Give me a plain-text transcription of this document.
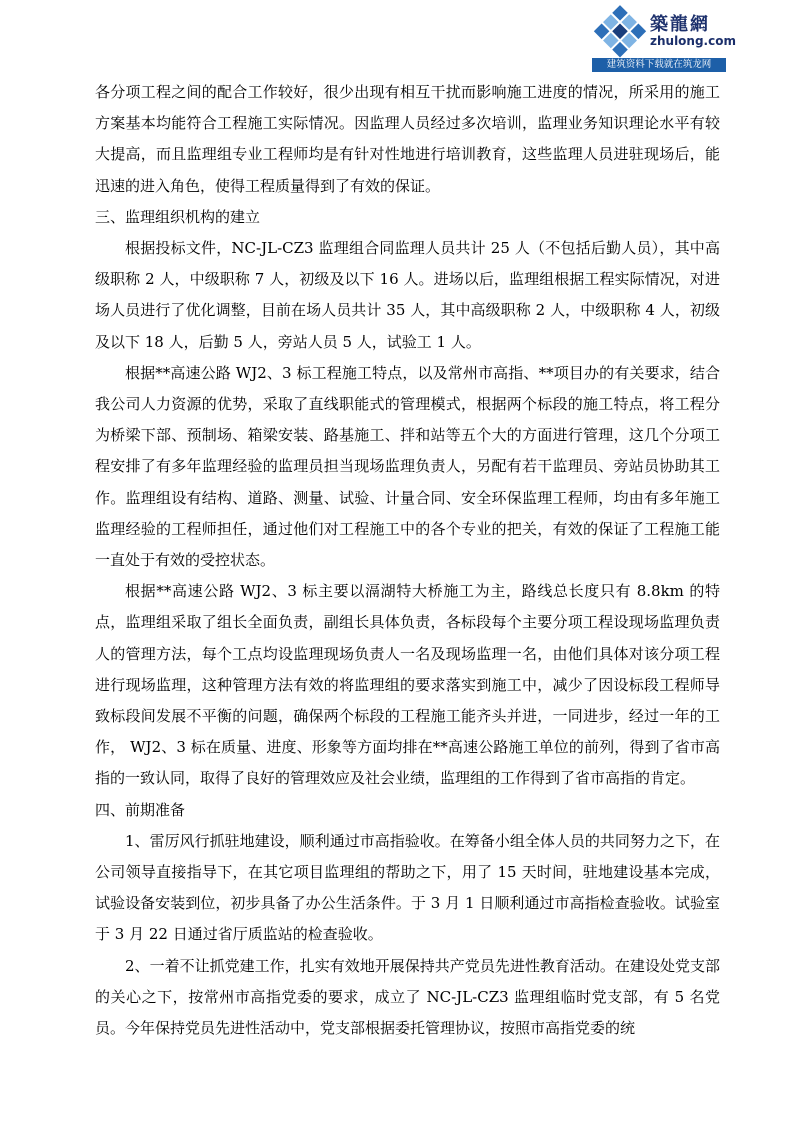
築龍網
zhulong.com
建筑资料下载就在筑龙网

各分项工程之间的配合工作较好，很少出现有相互干扰而影响施工进度的情况，所采用的施工方案基本均能符合工程施工实际情况。因监理人员经过多次培训，监理业务知识理论水平有较大提高，而且监理组专业工程师均是有针对性地进行培训教育，这些监理人员进驻现场后，能迅速的进入角色，使得工程质量得到了有效的保证。

三、监理组织机构的建立

根据投标文件，NC-JL-CZ3 监理组合同监理人员共计 25 人（不包括后勤人员），其中高级职称 2 人，中级职称 7 人，初级及以下 16 人。进场以后，监理组根据工程实际情况，对进场人员进行了优化调整，目前在场人员共计 35 人，其中高级职称 2 人，中级职称 4 人，初级及以下 18 人，后勤 5 人，旁站人员 5 人，试验工 1 人。

根据**高速公路 WJ2、3 标工程施工特点，以及常州市高指、**项目办的有关要求，结合我公司人力资源的优势，采取了直线职能式的管理模式，根据两个标段的施工特点，将工程分为桥梁下部、预制场、箱梁安装、路基施工、拌和站等五个大的方面进行管理，这几个分项工程安排了有多年监理经验的监理员担当现场监理负责人，另配有若干监理员、旁站员协助其工作。监理组设有结构、道路、测量、试验、计量合同、安全环保监理工程师，均由有多年施工监理经验的工程师担任，通过他们对工程施工中的各个专业的把关，有效的保证了工程施工能一直处于有效的受控状态。

根据**高速公路 WJ2、3 标主要以滆湖特大桥施工为主，路线总长度只有 8.8km 的特点，监理组采取了组长全面负责，副组长具体负责，各标段每个主要分项工程设现场监理负责人的管理方法，每个工点均设监理现场负责人一名及现场监理一名，由他们具体对该分项工程进行现场监理，这种管理方法有效的将监理组的要求落实到施工中，减少了因设标段工程师导致标段间发展不平衡的问题，确保两个标段的工程施工能齐头并进，一同进步，经过一年的工作， WJ2、3 标在质量、进度、形象等方面均排在**高速公路施工单位的前列，得到了省市高指的一致认同，取得了良好的管理效应及社会业绩，监理组的工作得到了省市高指的肯定。

四、前期准备

1、雷厉风行抓驻地建设，顺利通过市高指验收。在筹备小组全体人员的共同努力之下，在公司领导直接指导下，在其它项目监理组的帮助之下，用了 15 天时间，驻地建设基本完成，试验设备安装到位，初步具备了办公生活条件。于 3 月 1 日顺利通过市高指检查验收。试验室于 3 月 22 日通过省厅质监站的检查验收。

2、一着不让抓党建工作，扎实有效地开展保持共产党员先进性教育活动。在建设处党支部的关心之下，按常州市高指党委的要求，成立了 NC-JL-CZ3 监理组临时党支部，有 5 名党员。今年保持党员先进性活动中，党支部根据委托管理协议，按照市高指党委的统
